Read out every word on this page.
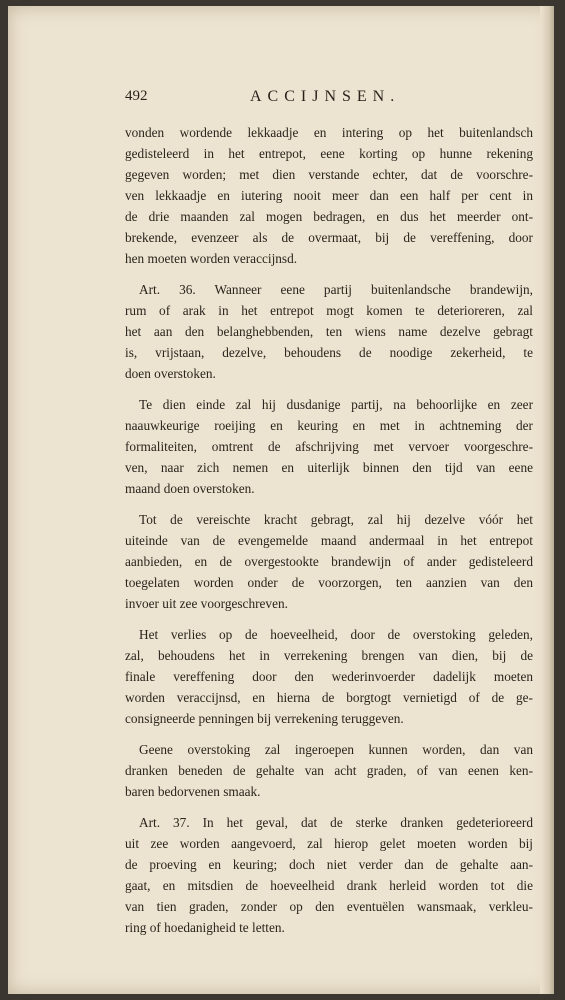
492	ACCIJNSEN.

vonden wordende lekkaadje en intering op het buitenlandsch
gedisteleerd in het entrepot, eene korting op hunne rekening
gegeven worden; met dien verstande echter, dat de voorschre-
ven lekkaadje en iutering nooit meer dan een half per cent in
de drie maanden zal mogen bedragen, en dus het meerder ont-
brekende, evenzeer als de overmaat, bij de vereffening, door
hen moeten worden veraccijnsd.

Art. 36. Wanneer eene partij buitenlandsche brandewijn,
rum of arak in het entrepot mogt komen te deterioreren, zal
het aan den belanghebbenden, ten wiens name dezelve gebragt
is, vrijstaan, dezelve, behoudens de noodige zekerheid, te
doen overstoken.

Te dien einde zal hij dusdanige partij, na behoorlijke en zeer
naauwkeurige roeijing en keuring en met in achtneming der
formaliteiten, omtrent de afschrijving met vervoer voorgeschre-
ven, naar zich nemen en uiterlijk binnen den tijd van eene
maand doen overstoken.

Tot de vereischte kracht gebragt, zal hij dezelve vóór het
uiteinde van de evengemelde maand andermaal in het entrepot
aanbieden, en de overgestookte brandewijn of ander gedisteleerd
toegelaten worden onder de voorzorgen, ten aanzien van den
invoer uit zee voorgeschreven.

Het verlies op de hoeveelheid, door de overstoking geleden,
zal, behoudens het in verrekening brengen van dien, bij de
finale vereffening door den wederinvoerder dadelijk moeten
worden veraccijnsd, en hierna de borgtogt vernietigd of de ge-
consigneerde penningen bij verrekening teruggeven.

Geene overstoking zal ingeroepen kunnen worden, dan van
dranken beneden de gehalte van acht graden, of van eenen ken-
baren bedorvenen smaak.

Art. 37. In het geval, dat de sterke dranken gedeterioreerd
uit zee worden aangevoerd, zal hierop gelet moeten worden bij
de proeving en keuring; doch niet verder dan de gehalte aan-
gaat, en mitsdien de hoeveelheid drank herleid worden tot die
van tien graden, zonder op den eventuëlen wansmaak, verkleu-
ring of hoedanigheid te letten.
